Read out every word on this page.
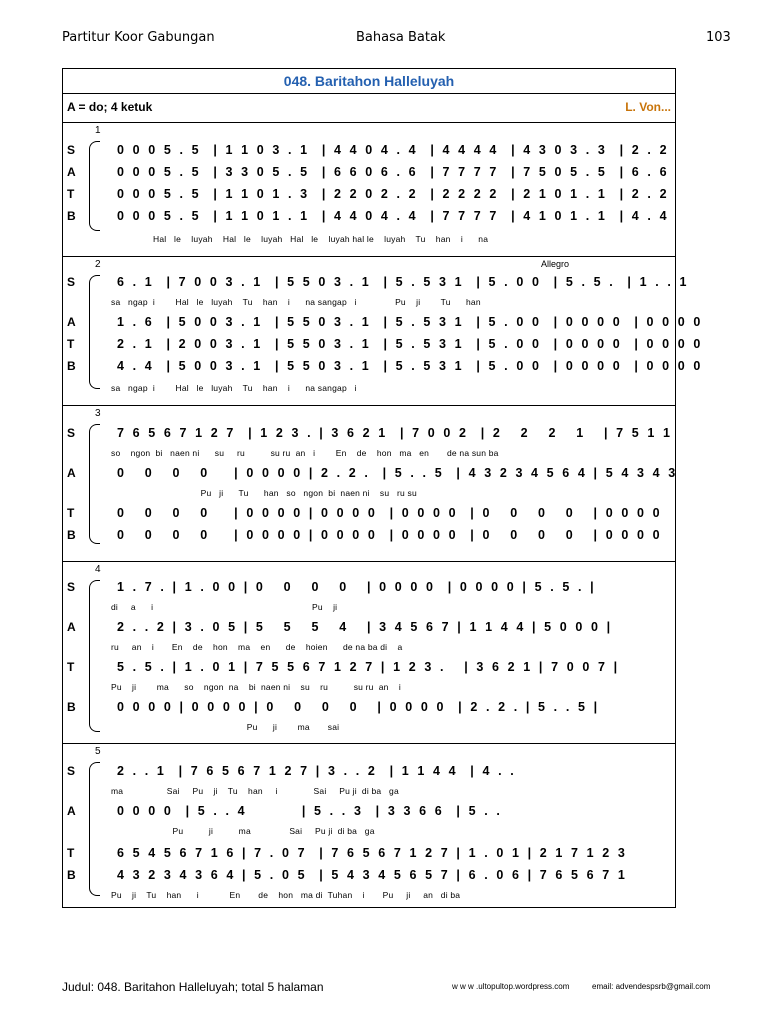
Partitur Koor Gabungan	Bahasa Batak	103
048. Baritahon Halleluyah
A = do; 4 ketuk	L. Von...
1
S	0 0 0 5 . 5  | 1 1 0 3 . 1  | 4 4 0 4 . 4  | 4 4 4 4  | 4 3 0 3 . 3  | 2 . 2
A	0 0 0 5 . 5  | 3 3 0 5 . 5  | 6 6 0 6 . 6  | 7 7 7 7  | 7 5 0 5 . 5  | 6 . 6
T	0 0 0 5 . 5  | 1 1 0 1 . 3  | 2 2 0 2 . 2  | 2 2 2 2  | 2 1 0 1 . 1  | 2 . 2
B	0 0 0 5 . 5  | 1 1 0 1 . 1  | 4 4 0 4 . 4  | 7 7 7 7  | 4 1 0 1 . 1  | 4 . 4
Hal   le    luyah    Hal   le    luyah   Hal   le    luyah hal le    luyah    Tu    han    i      na
2	Allegro
S	6 . 1  | 7 0 0 3 . 1  | 5 5 0 3 . 1  | 5 . 5 3 1  | 5 . 0 0  | 5 . 5 .  | 1 . . 1
sa   ngap  i        Hal   le   luyah    Tu    han    i      na sangap   i               Pu    ji        Tu      han
A	1 . 6  | 5 0 0 3 . 1  | 5 5 0 3 . 1  | 5 . 5 3 1  | 5 . 0 0  | 0 0 0 0  | 0 0 0 0
T	2 . 1  | 2 0 0 3 . 1  | 5 5 0 3 . 1  | 5 . 5 3 1  | 5 . 0 0  | 0 0 0 0  | 0 0 0 0
B	4 . 4  | 5 0 0 3 . 1  | 5 5 0 3 . 1  | 5 . 5 3 1  | 5 . 0 0  | 0 0 0 0  | 0 0 0 0
sa   ngap  i        Hal   le   luyah    Tu    han    i      na sangap   i
3
S	7 6 5 6 7 1 2 7  | 1 2 3 . | 3 6 2 1  | 7 0 0 2  | 2   2   2   1   | 7 5 1 1
so    ngon  bi   naen ni      su     ru          su ru  an   i        En    de    hon   ma   en       de na sun ba
A	0   0   0   0    | 0 0 0 0 | 2 . 2 .  | 5 . . 5  | 4 3 2 3 4 5 6 4 | 5 4 3 4 3
Pu   ji      Tu      han   so   ngon  bi  naen ni    su   ru su
T	0   0   0   0    | 0 0 0 0 | 0 0 0 0  | 0 0 0 0  | 0   0   0   0   | 0 0 0 0
B	0   0   0   0    | 0 0 0 0 | 0 0 0 0  | 0 0 0 0  | 0   0   0   0   | 0 0 0 0
4
S	1 . 7 . | 1 . 0 0 | 0   0   0   0   | 0 0 0 0  | 0 0 0 0 | 5 . 5 . |
di     a      i                                                              Pu    ji
A	2 . . 2 | 3 . 0 5 | 5   5   5   4   | 3 4 5 6 7 | 1 1 4 4 | 5 0 0 0 |
ru     an    i       En    de    hon    ma    en      de    hoien      de na ba di    a
T	5 . 5 . | 1 . 0 1 | 7 5 5 6 7 1 2 7 | 1 2 3 .   | 3 6 2 1 | 7 0 0 7 |
Pu    ji        ma      so    ngon  na    bi  naen ni    su    ru          su ru  an    i
B	0 0 0 0 | 0 0 0 0 | 0   0   0   0   | 0 0 0 0  | 2 . 2 . | 5 . . 5 |
Pu      ji        ma       sai
5
S	2 . . 1  | 7 6 5 6 7 1 2 7 | 3 . . 2  | 1 1 4 4  | 4 . .
ma                 Sai     Pu    ji    Tu    han     i              Sai     Pu ji  di ba   ga
A	0 0 0 0  | 5 . . 4         | 5 . . 3  | 3 3 6 6  | 5 . .
Pu          ji          ma               Sai     Pu ji  di ba   ga
T	6 5 4 5 6 7 1 6 | 7 . 0 7  | 7 6 5 6 7 1 2 7 | 1 . 0 1 | 2 1 7 1 2 3
B	4 3 2 3 4 3 6 4 | 5 . 0 5  | 5 4 3 4 5 6 5 7 | 6 . 0 6 | 7 6 5 6 7 1
Pu    ji    Tu    han      i            En       de    hon   ma di  Tuhan    i       Pu     ji     an   di ba
Judul: 048. Baritahon Halleluyah; total 5 halaman	w w w .ultopultop.wordpress.com	email: advendespsrb@gmail.com
